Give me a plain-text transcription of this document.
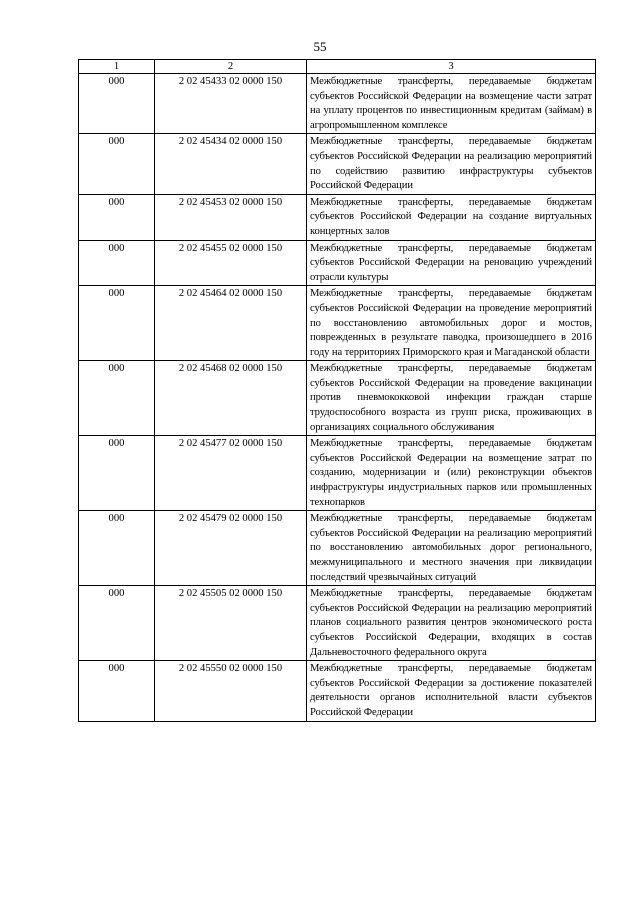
55
1	2	3
000	2 02 45433 02 0000 150	Межбюджетные трансферты, передаваемые бюджетам субъектов Российской Федерации на возмещение части затрат на уплату процентов по инвестиционным кредитам (займам) в агропромышленном комплексе
000	2 02 45434 02 0000 150	Межбюджетные трансферты, передаваемые бюджетам субъектов Российской Федерации на реализацию мероприятий по содействию развитию инфраструктуры субъектов Российской Федерации
000	2 02 45453 02 0000 150	Межбюджетные трансферты, передаваемые бюджетам субъектов Российской Федерации на создание виртуальных концертных залов
000	2 02 45455 02 0000 150	Межбюджетные трансферты, передаваемые бюджетам субъектов Российской Федерации на реновацию учреждений отрасли культуры
000	2 02 45464 02 0000 150	Межбюджетные трансферты, передаваемые бюджетам субъектов Российской Федерации на проведение мероприятий по восстановлению автомобильных дорог и мостов, поврежденных в результате паводка, произошедшего в 2016 году на территориях Приморского края и Магаданской области
000	2 02 45468 02 0000 150	Межбюджетные трансферты, передаваемые бюджетам субъектов Российской Федерации на проведение вакцинации против пневмококковой инфекции граждан старше трудоспособного возраста из групп риска, проживающих в организациях социального обслуживания
000	2 02 45477 02 0000 150	Межбюджетные трансферты, передаваемые бюджетам субъектов Российской Федерации на возмещение затрат по созданию, модернизации и (или) реконструкции объектов инфраструктуры индустриальных парков или промышленных технопарков
000	2 02 45479 02 0000 150	Межбюджетные трансферты, передаваемые бюджетам субъектов Российской Федерации на реализацию мероприятий по восстановлению автомобильных дорог регионального, межмуниципального и местного значения при ликвидации последствий чрезвычайных ситуаций
000	2 02 45505 02 0000 150	Межбюджетные трансферты, передаваемые бюджетам субъектов Российской Федерации на реализацию мероприятий планов социального развития центров экономического роста субъектов Российской Федерации, входящих в состав Дальневосточного федерального округа
000	2 02 45550 02 0000 150	Межбюджетные трансферты, передаваемые бюджетам субъектов Российской Федерации за достижение показателей деятельности органов исполнительной власти субъектов Российской Федерации
